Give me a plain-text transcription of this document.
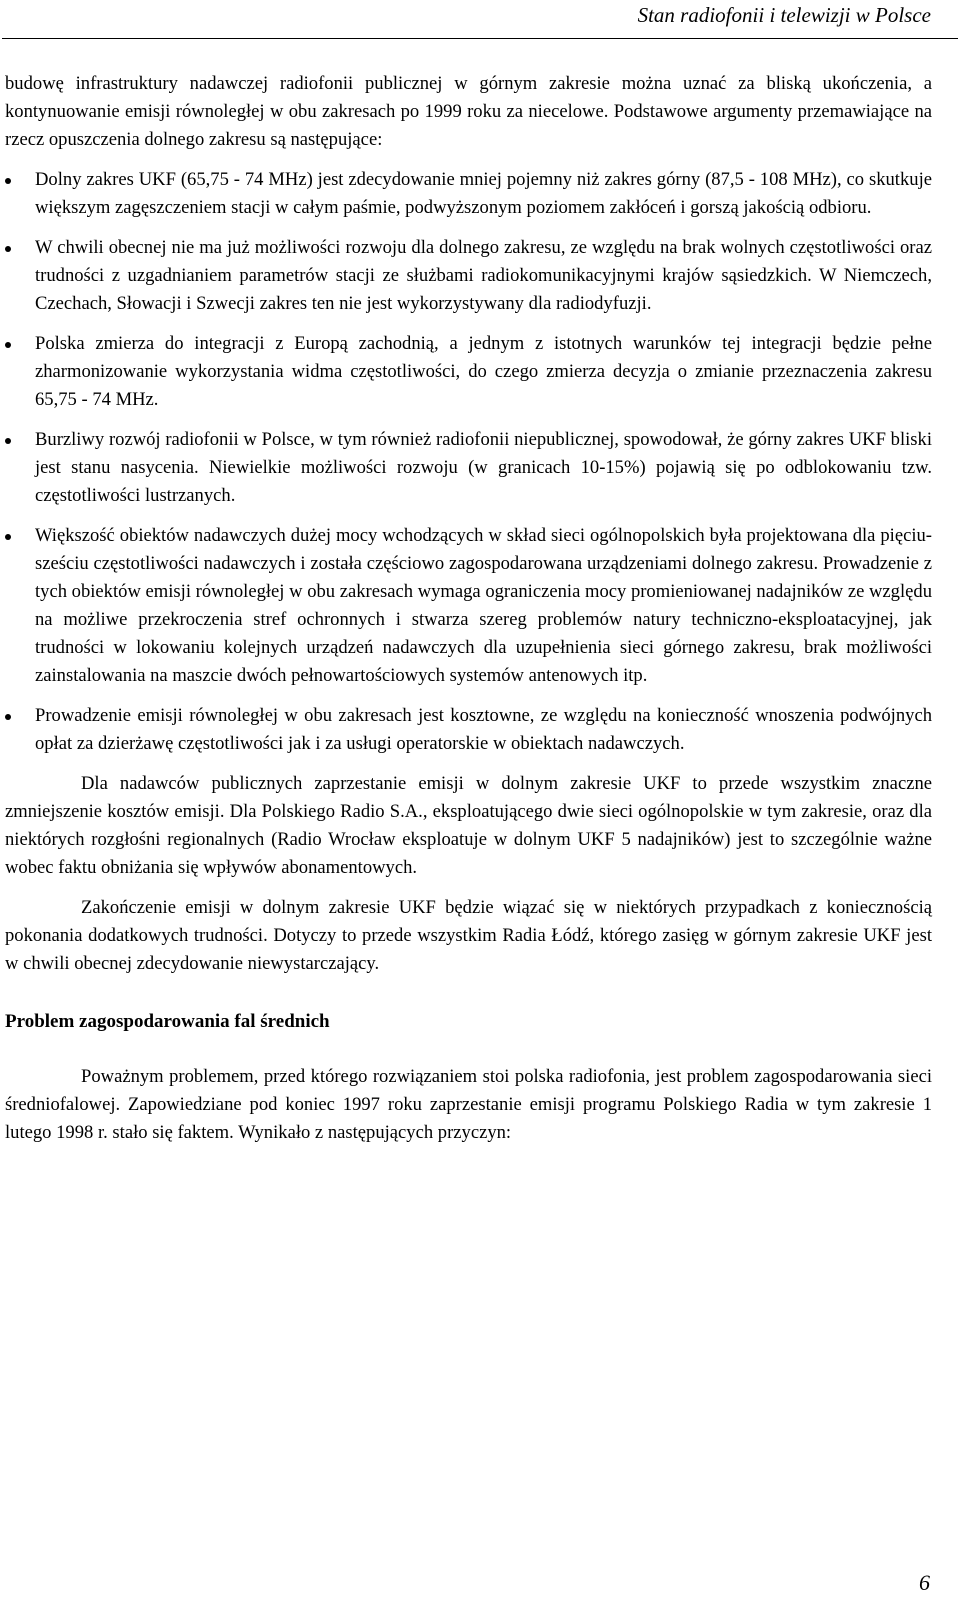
Stan radiofonii i telewizji w Polsce

budowę infrastruktury nadawczej radiofonii publicznej w górnym zakresie można uznać za bliską ukończenia, a kontynuowanie emisji równoległej w obu zakresach po 1999 roku za niecelowe. Podstawowe argumenty przemawiające na rzecz opuszczenia dolnego zakresu są następujące:

Dolny zakres UKF (65,75 - 74 MHz) jest zdecydowanie mniej pojemny niż zakres górny (87,5 - 108 MHz), co skutkuje większym zagęszczeniem stacji w całym paśmie, podwyższonym poziomem zakłóceń i gorszą jakością odbioru.
W chwili obecnej nie ma już możliwości rozwoju dla dolnego zakresu, ze względu na brak wolnych częstotliwości oraz trudności z uzgadnianiem parametrów stacji ze służbami radiokomunikacyjnymi krajów sąsiedzkich. W Niemczech, Czechach, Słowacji i Szwecji zakres ten nie jest wykorzystywany dla radiodyfuzji.
Polska zmierza do integracji z Europą zachodnią, a jednym z istotnych warunków tej integracji będzie pełne zharmonizowanie wykorzystania widma częstotliwości, do czego zmierza decyzja o zmianie przeznaczenia zakresu 65,75 - 74 MHz.
Burzliwy rozwój radiofonii w Polsce, w tym również radiofonii niepublicznej, spowodował, że górny zakres UKF bliski jest stanu nasycenia. Niewielkie możliwości rozwoju (w granicach 10-15%) pojawią się po odblokowaniu tzw. częstotliwości lustrzanych.
Większość obiektów nadawczych dużej mocy wchodzących w skład sieci ogólnopolskich była projektowana dla pięciu-sześciu częstotliwości nadawczych i została częściowo zagospodarowana urządzeniami dolnego zakresu. Prowadzenie z tych obiektów emisji równoległej w obu zakresach wymaga ograniczenia mocy promieniowanej nadajników ze względu na możliwe przekroczenia stref ochronnych i stwarza szereg problemów natury techniczno-eksploatacyjnej, jak trudności w lokowaniu kolejnych urządzeń nadawczych dla uzupełnienia sieci górnego zakresu, brak możliwości zainstalowania na maszcie dwóch pełnowartościowych systemów antenowych itp.
Prowadzenie emisji równoległej w obu zakresach jest kosztowne, ze względu na konieczność wnoszenia podwójnych opłat za dzierżawę częstotliwości jak i za usługi operatorskie w obiektach nadawczych.

Dla nadawców publicznych zaprzestanie emisji w dolnym zakresie UKF to przede wszystkim znaczne zmniejszenie kosztów emisji. Dla Polskiego Radio S.A., eksploatującego dwie sieci ogólnopolskie w tym zakresie, oraz dla niektórych rozgłośni regionalnych (Radio Wrocław eksploatuje w dolnym UKF 5 nadajników) jest to szczególnie ważne wobec faktu obniżania się wpływów abonamentowych.

Zakończenie emisji w dolnym zakresie UKF będzie wiązać się w niektórych przypadkach z koniecznością pokonania dodatkowych trudności. Dotyczy to przede wszystkim Radia Łódź, którego zasięg w górnym zakresie UKF jest w chwili obecnej zdecydowanie niewystarczający.

Problem zagospodarowania fal średnich

Poważnym problemem, przed którego rozwiązaniem stoi polska radiofonia, jest problem zagospodarowania sieci średniofalowej. Zapowiedziane pod koniec 1997 roku zaprzestanie emisji programu Polskiego Radia w tym zakresie 1 lutego 1998 r. stało się faktem. Wynikało z następujących przyczyn:

6
